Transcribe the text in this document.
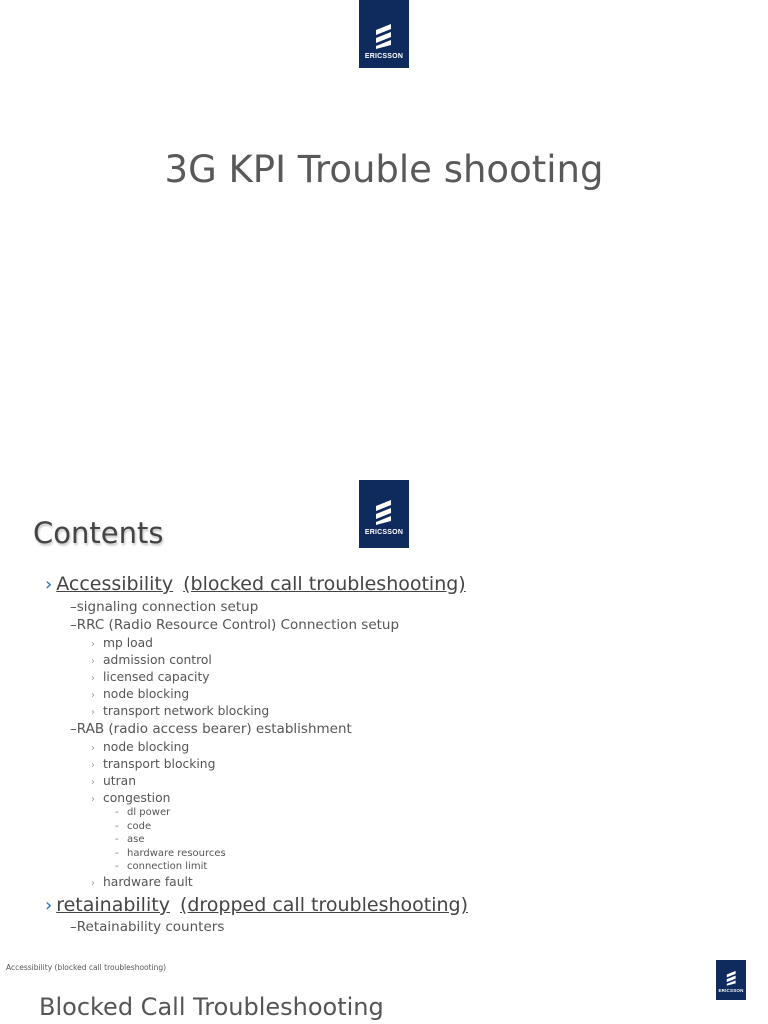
ERICSSON
3G KPI Trouble shooting
ERICSSON
Contents
› Accessibility (blocked call troubleshooting)
–signaling connection setup
–RRC (Radio Resource Control) Connection setup
› mp load
› admission control
› licensed capacity
› node blocking
› transport network blocking
–RAB (radio access bearer) establishment
› node blocking
› transport blocking
› utran
› congestion
- dl power
- code
- ase
- hardware resources
- connection limit
› hardware fault
› retainability (dropped call troubleshooting)
–Retainability counters
Accessibility (blocked call troubleshooting)
ERICSSON
Blocked Call Troubleshooting
